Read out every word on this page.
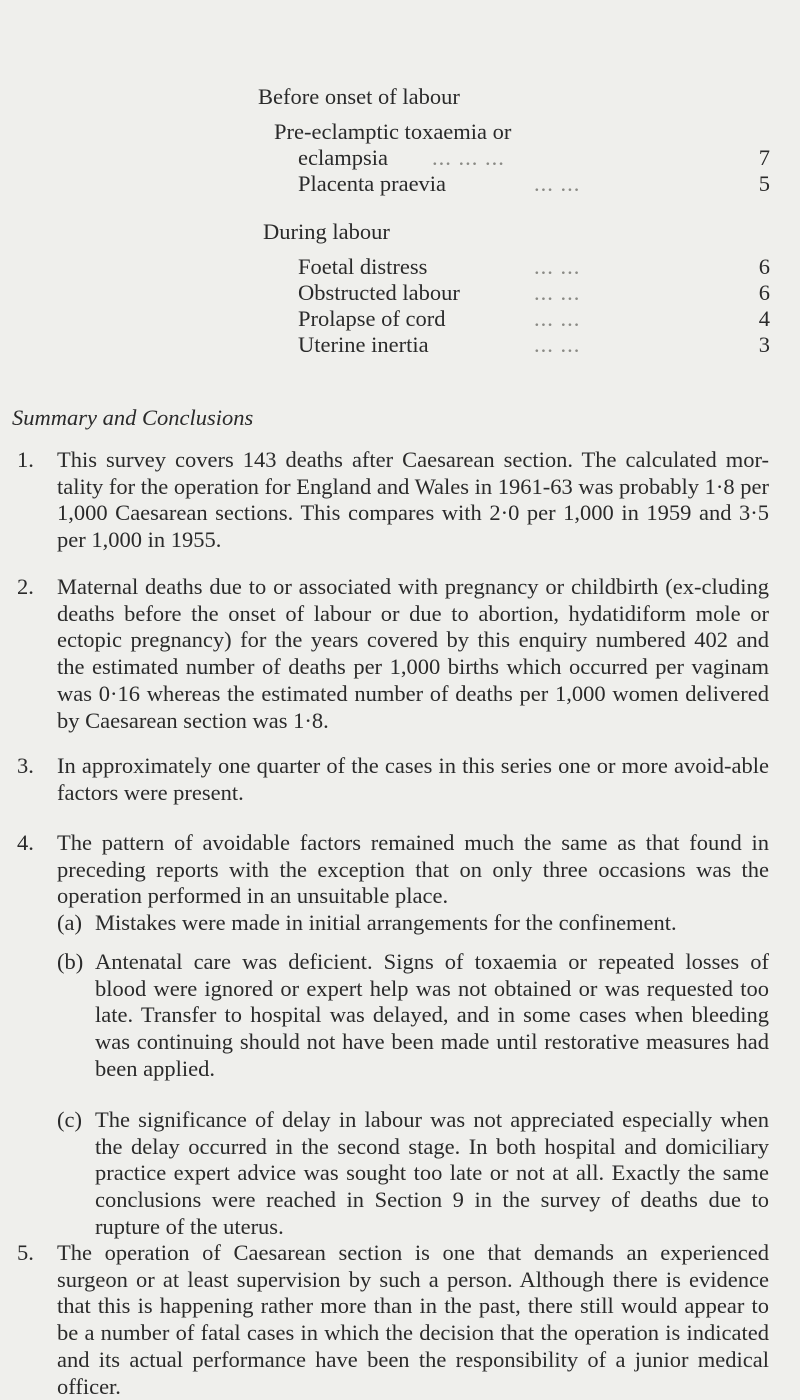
Before onset of labour
Pre-eclamptic toxaemia or
eclampsia ... ... ...	7
Placenta praevia	... ...	5
During labour
Foetal distress	... ...	6
Obstructed labour	... ...	6
Prolapse of cord	... ...	4
Uterine inertia	... ...	3
Summary and Conclusions
1.	This survey covers 143 deaths after Caesarean section. The calculated mor-tality for the operation for England and Wales in 1961-63 was probably 1·8 per 1,000 Caesarean sections. This compares with 2·0 per 1,000 in 1959 and 3·5 per 1,000 in 1955.
2.	Maternal deaths due to or associated with pregnancy or childbirth (ex-cluding deaths before the onset of labour or due to abortion, hydatidiform mole or ectopic pregnancy) for the years covered by this enquiry numbered 402 and the estimated number of deaths per 1,000 births which occurred per vaginam was 0·16 whereas the estimated number of deaths per 1,000 women delivered by Caesarean section was 1·8.
3.	In approximately one quarter of the cases in this series one or more avoid-able factors were present.
4.	The pattern of avoidable factors remained much the same as that found in preceding reports with the exception that on only three occasions was the operation performed in an unsuitable place.
(a) Mistakes were made in initial arrangements for the confinement.
(b) Antenatal care was deficient. Signs of toxaemia or repeated losses of blood were ignored or expert help was not obtained or was requested too late. Transfer to hospital was delayed, and in some cases when bleeding was continuing should not have been made until restorative measures had been applied.
(c) The significance of delay in labour was not appreciated especially when the delay occurred in the second stage. In both hospital and domiciliary practice expert advice was sought too late or not at all. Exactly the same conclusions were reached in Section 9 in the survey of deaths due to rupture of the uterus.
5.	The operation of Caesarean section is one that demands an experienced surgeon or at least supervision by such a person. Although there is evidence that this is happening rather more than in the past, there still would appear to be a number of fatal cases in which the decision that the operation is indicated and its actual performance have been the responsibility of a junior medical officer.
